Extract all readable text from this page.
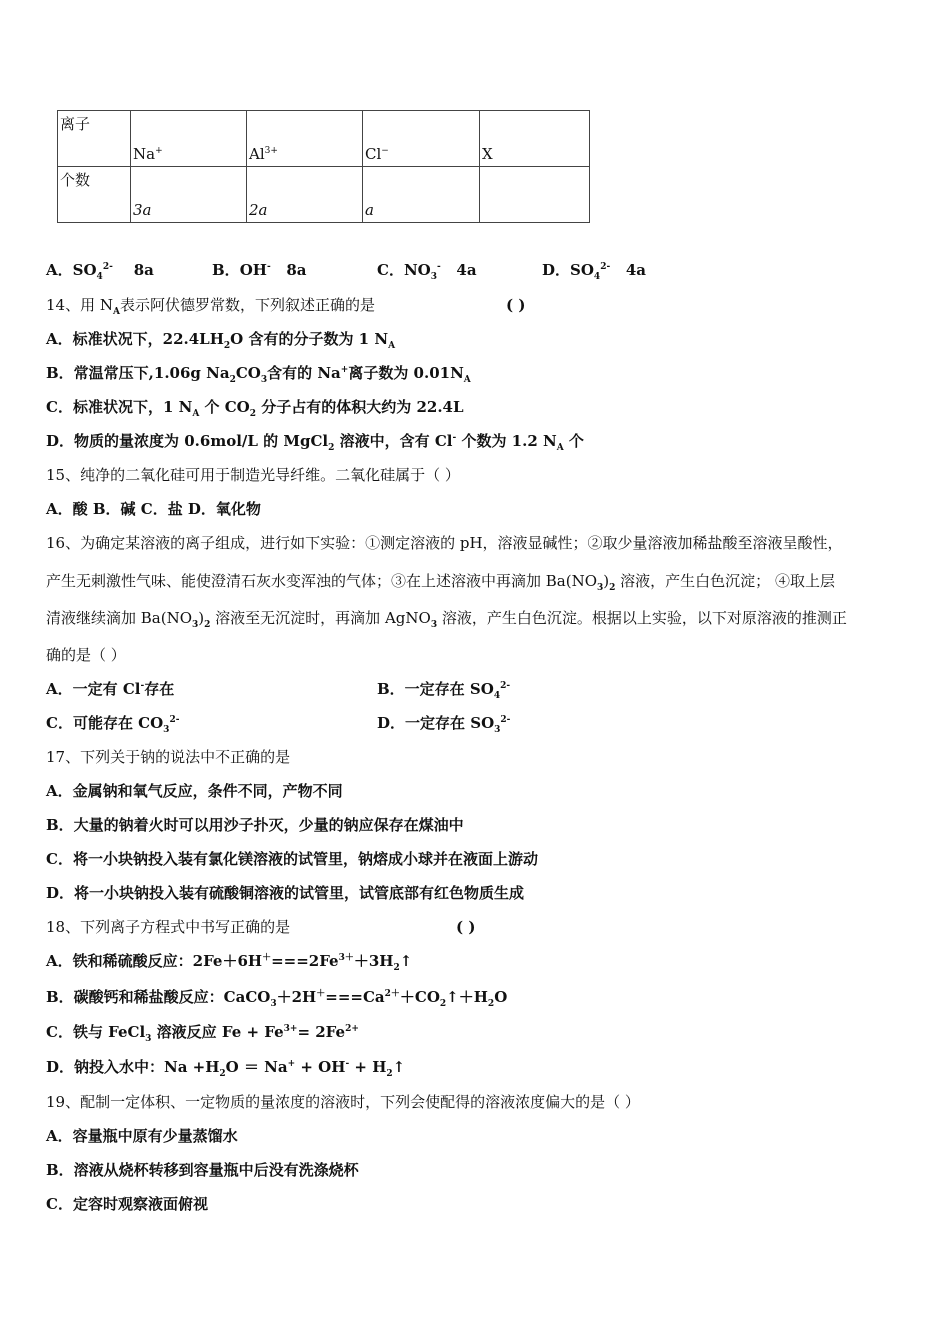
离子	Na+	$Al^{3+}$	Cl−	X

个数	3a	2a	a	

A．$SO_4^{2-}$ 8a	B．OH- 8a	C．$NO_3^-$ 4a	D．$SO_4^{2-}$ 4a
14、用 $N_A$表示阿伏德罗常数，下列叙述正确的是	( )
A．标准状况下，$22.4LH_2O$ 含有的分子数为 1 $N_A$
B．常温常压下,1.06g $Na_2CO_3$含有的 Na+离子数为 $0.01N_A$
C．标准状况下，1 $N_A$ 个 $CO_2$ 分子占有的体积大约为 22.4L
D．物质的量浓度为 0.6mol/L 的 MgCl$_2$ 溶液中，含有 Cl- 个数为 1.2 $N_A$ 个
15、纯净的二氧化硅可用于制造光导纤维。二氧化硅属于（ ）
A．酸 B．碱 C．盐 D．氧化物
16、为确定某溶液的离子组成，进行如下实验：①测定溶液的 pH，溶液显碱性；②取少量溶液加稀盐酸至溶液呈酸性，
产生无刺激性气味、能使澄清石灰水变浑浊的气体；③在上述溶液中再滴加 $Ba(NO_3)_2$ 溶液，产生白色沉淀； ④取上层
清液继续滴加 $Ba(NO_3)_2$ 溶液至无沉淀时，再滴加 AgNO$_3$ 溶液，产生白色沉淀。根据以上实验，以下对原溶液的推测正
确的是（ ）
A．一定有 Cl-存在	B．一定存在 $SO_4^{2-}$
C．可能存在 $CO_3^{2-}$	D．一定存在 $SO_3^{2-}$
17、下列关于钠的说法中不正确的是
A．金属钠和氧气反应，条件不同，产物不同
B．大量的钠着火时可以用沙子扑灭，少量的钠应保存在煤油中
C．将一小块钠投入装有氯化镁溶液的试管里，钠熔成小球并在液面上游动
D．将一小块钠投入装有硫酸铜溶液的试管里，试管底部有红色物质生成
18、下列离子方程式中书写正确的是	( )
A．铁和稀硫酸反应：$2Fe+6H^+===2Fe^{3+}+3H_2↑$
B．碳酸钙和稀盐酸反应：$CaCO_3+2H^+===Ca^{2+}+CO_2↑+H_2O$
C．铁与 FeCl$_3$ 溶液反应 $Fe + Fe^{3+}= 2Fe^{2+}$
D．钠投入水中：$Na +H_2O = Na^+ + OH^-$ + $H_2↑$
19、配制一定体积、一定物质的量浓度的溶液时，下列会使配得的溶液浓度偏大的是（ ）
A．容量瓶中原有少量蒸馏水
B．溶液从烧杯转移到容量瓶中后没有洗涤烧杯
C．定容时观察液面俯视
